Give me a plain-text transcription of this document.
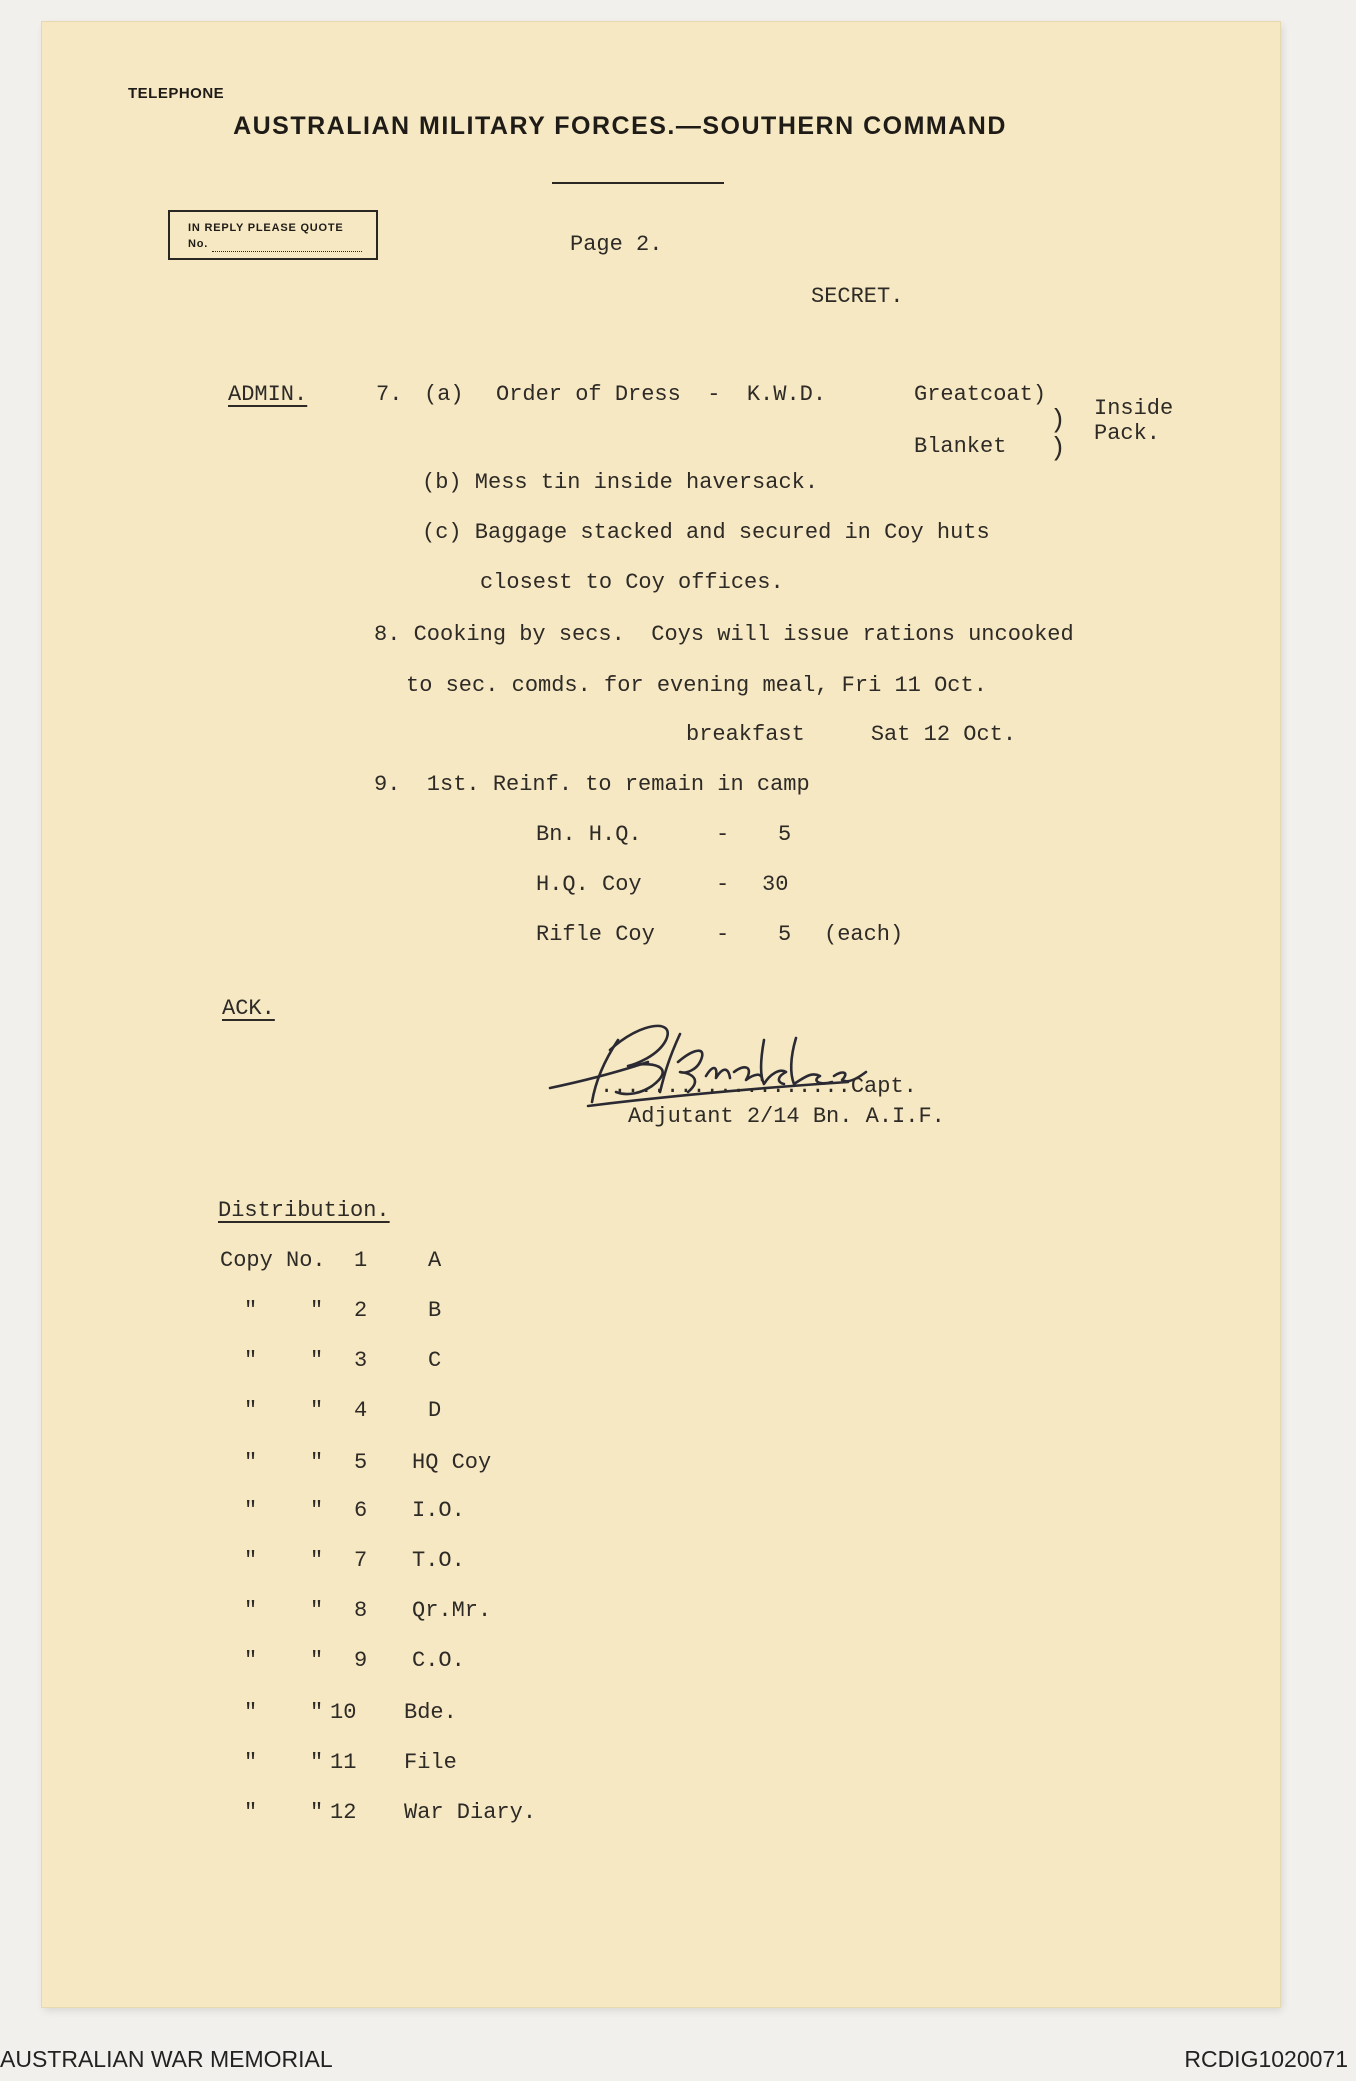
TELEPHONE
AUSTRALIAN MILITARY FORCES.—SOUTHERN COMMAND
IN REPLY PLEASE QUOTE
No.	Page 2.
SECRET.
ADMIN.	7. (a) Order of Dress  -  K.W.D.	Greatcoat)
Blanket
)
)
Inside
Pack.
(b) Mess tin inside haversack.
(c) Baggage stacked and secured in Coy huts
closest to Coy offices.
8. Cooking by secs.  Coys will issue rations uncooked
to sec. comds. for evening meal, Fri 11 Oct.
breakfast     Sat 12 Oct.
9.  1st. Reinf. to remain in camp
Bn. H.Q.	- 5
H.Q. Coy	- 30
Rifle Coy	- 5 (each)
ACK.
...................Capt.
Adjutant 2/14 Bn. A.I.F.
Distribution.
Copy No. 1	A
"    " 2	B
"    " 3	C
"    " 4	D
"    " 5 HQ Coy
"    " 6 I.O.
"    " 7 T.O.
"    " 8 Qr.Mr.
"    " 9 C.O.
"    " 10 Bde.
"    " 11 File
"    " 12 War Diary.
AUSTRALIAN WAR MEMORIAL	RCDIG1020071
